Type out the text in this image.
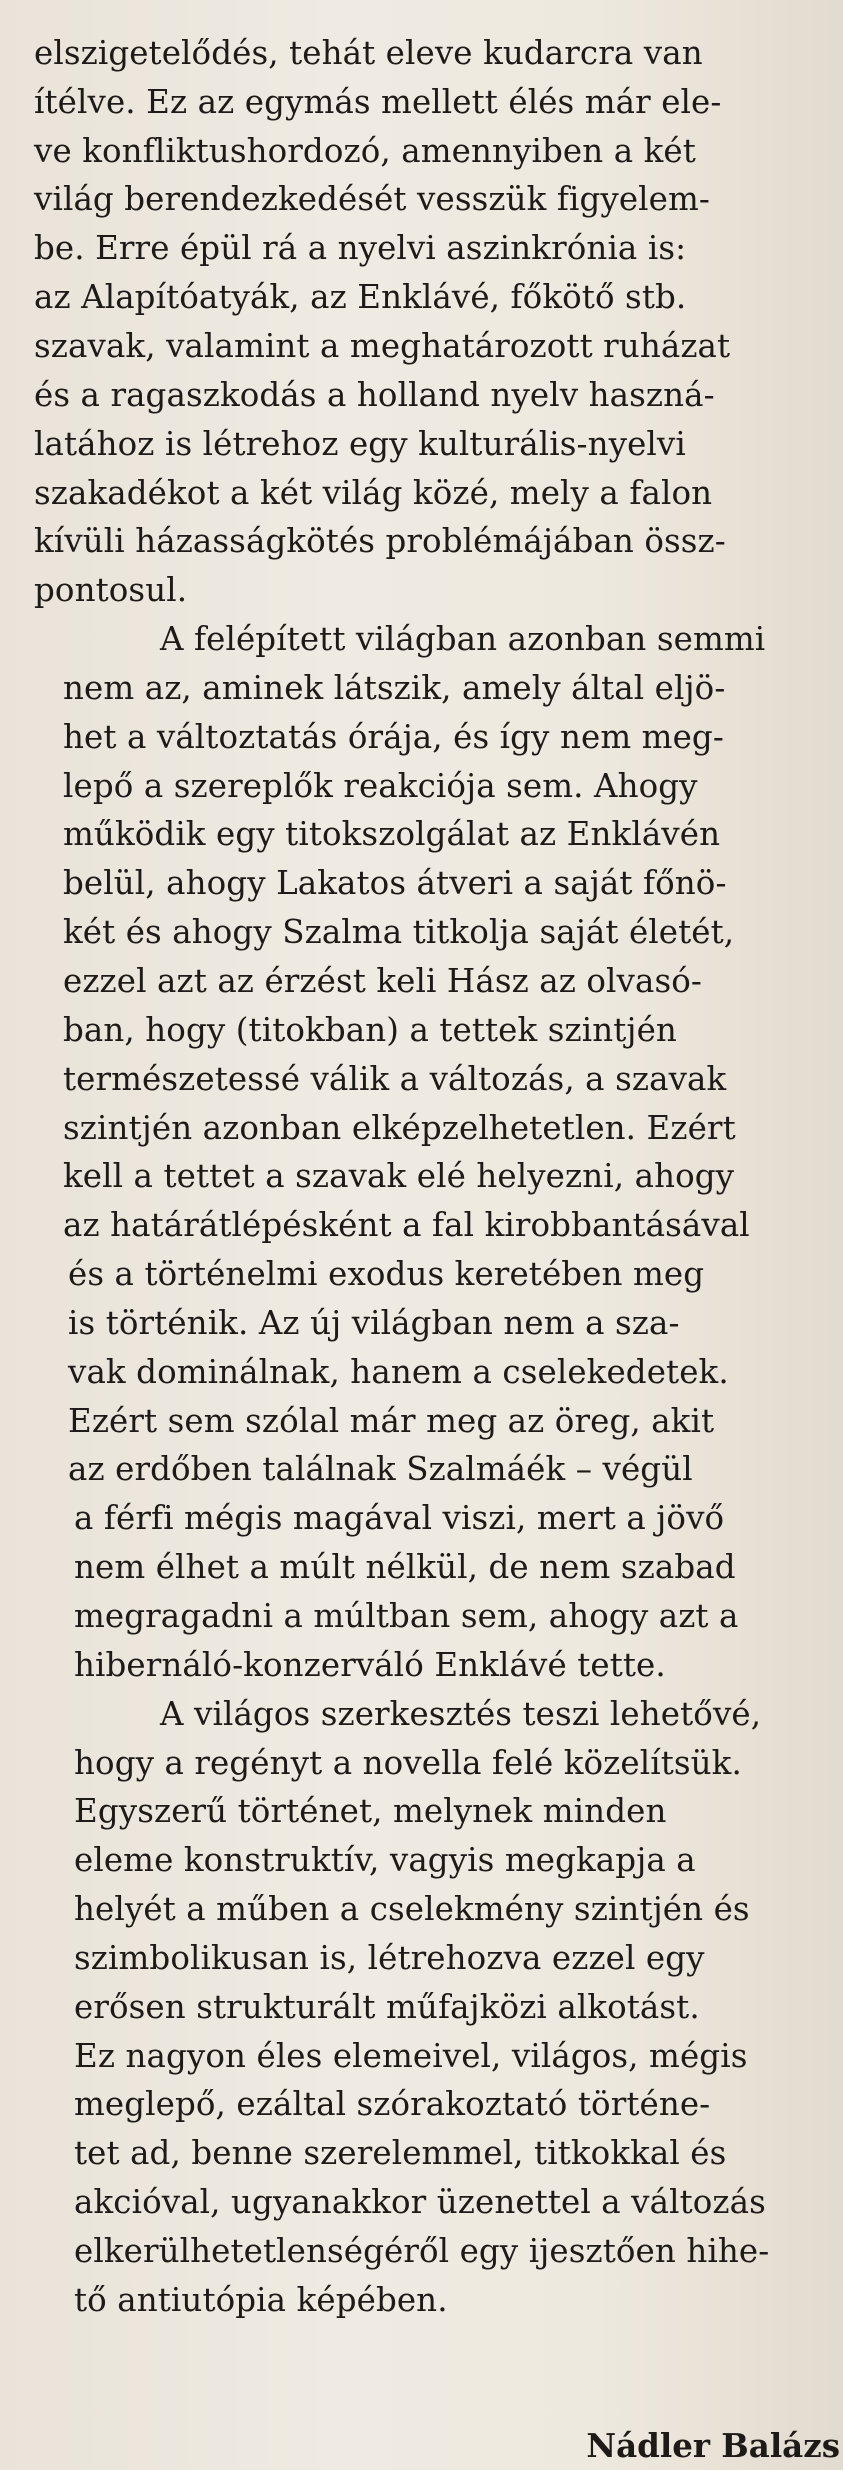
elszigetelődés, tehát eleve kudarcra van
ítélve. Ez az egymás mellett élés már ele-
ve konfliktushordozó, amennyiben a két
világ berendezkedését vesszük figyelem-
be. Erre épül rá a nyelvi aszinkrónia is:
az Alapítóatyák, az Enklávé, főkötő stb.
szavak, valamint a meghatározott ruházat
és a ragaszkodás a holland nyelv haszná-
latához is létrehoz egy kulturális-nyelvi
szakadékot a két világ közé, mely a falon
kívüli házasságkötés problémájában össz-
pontosul.
A felépített világban azonban semmi
nem az, aminek látszik, amely által eljö-
het a változtatás órája, és így nem meg-
lepő a szereplők reakciója sem. Ahogy
működik egy titokszolgálat az Enklávén
belül, ahogy Lakatos átveri a saját főnö-
két és ahogy Szalma titkolja saját életét,
ezzel azt az érzést keli Hász az olvasó-
ban, hogy (titokban) a tettek szintjén
természetessé válik a változás, a szavak
szintjén azonban elképzelhetetlen. Ezért
kell a tettet a szavak elé helyezni, ahogy
az határátlépésként a fal kirobbantásával
és a történelmi exodus keretében meg
is történik. Az új világban nem a sza-
vak dominálnak, hanem a cselekedetek.
Ezért sem szólal már meg az öreg, akit
az erdőben találnak Szalmáék – végül
a férfi mégis magával viszi, mert a jövő
nem élhet a múlt nélkül, de nem szabad
megragadni a múltban sem, ahogy azt a
hibernáló-konzerváló Enklávé tette.
A világos szerkesztés teszi lehetővé,
hogy a regényt a novella felé közelítsük.
Egyszerű történet, melynek minden
eleme konstruktív, vagyis megkapja a
helyét a műben a cselekmény szintjén és
szimbolikusan is, létrehozva ezzel egy
erősen strukturált műfajközi alkotást.
Ez nagyon éles elemeivel, világos, mégis
meglepő, ezáltal szórakoztató történe-
tet ad, benne szerelemmel, titkokkal és
akcióval, ugyanakkor üzenettel a változás
elkerülhetetlenségéről egy ijesztően hihe-
tő antiutópia képében.
Nádler Balázs
